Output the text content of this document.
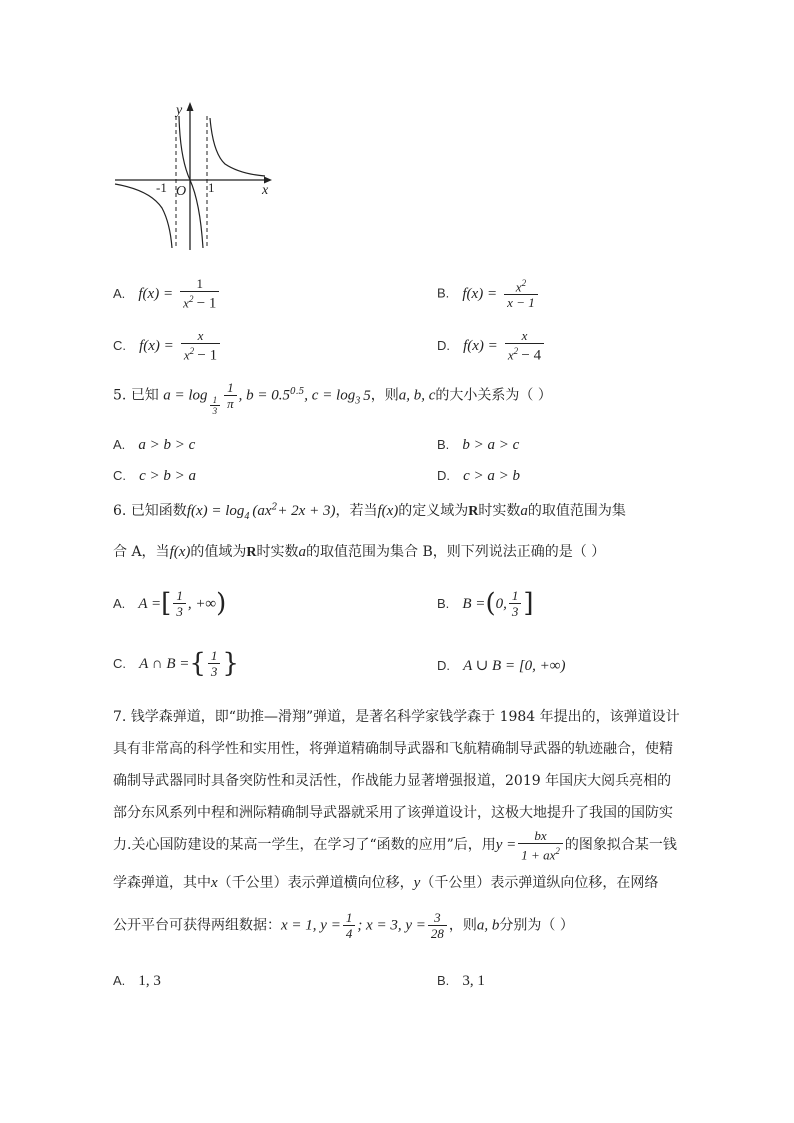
y
x
O
-1	1
A. $f(x) = \frac{1}{x^2 - 1}$	B. $f(x) = \frac{x^2}{x - 1}$
C. $f(x) = \frac{x}{x^2 - 1}$	D. $f(x) = \frac{x}{x^2 - 4}$
5. 已知 $a = \log \frac{1}{3} \frac{1}{\pi}$ , $b = 0.5^{0.5}$, $c = \log_3 5$，则a, b, c的大小关系为（ ）
A. a > b > c	B. b > a > c
C. c > b > a	D. c > a > b
6. 已知函数$f(x) = \log_4 (ax^2+ 2x + 3)$，若当f(x)的定义域为R时实数a的取值范围为集
合 A，当f(x)的值域为R时实数a的取值范围为集合 B，则下列说法正确的是（ ）
A. A =[ $\frac{1}{3}$ , +∞)	B. B =(0, $\frac{1}{3}$ ]
C. A ∩ B ={ $\frac{1}{3}$ }	D. A ∪ B = [0, +∞)
7. 钱学森弹道，即“助推—滑翔”弹道，是著名科学家钱学森于 1984 年提出的，该弹道设计
具有非常高的科学性和实用性，将弹道精确制导武器和飞航精确制导武器的轨迹融合，使精
确制导武器同时具备突防性和灵活性，作战能力显著增强报道，2019 年国庆大阅兵亮相的
部分东风系列中程和洲际精确制导武器就采用了该弹道设计，这极大地提升了我国的国防实
力.关心国防建设的某高一学生，在学习了“函数的应用”后，用$y = \frac{bx}{1 + ax^2}$ 的图象拟合某一钱
学森弹道，其中x（千公里）表示弹道横向位移，y（千公里）表示弹道纵向位移，在网络
公开平台可获得两组数据：x = 1, $y = \frac{1}{4}$ ; x = 3, $y = \frac{3}{28}$ ，则a, b分别为（ ）
A. 1, 3	B. 3, 1
